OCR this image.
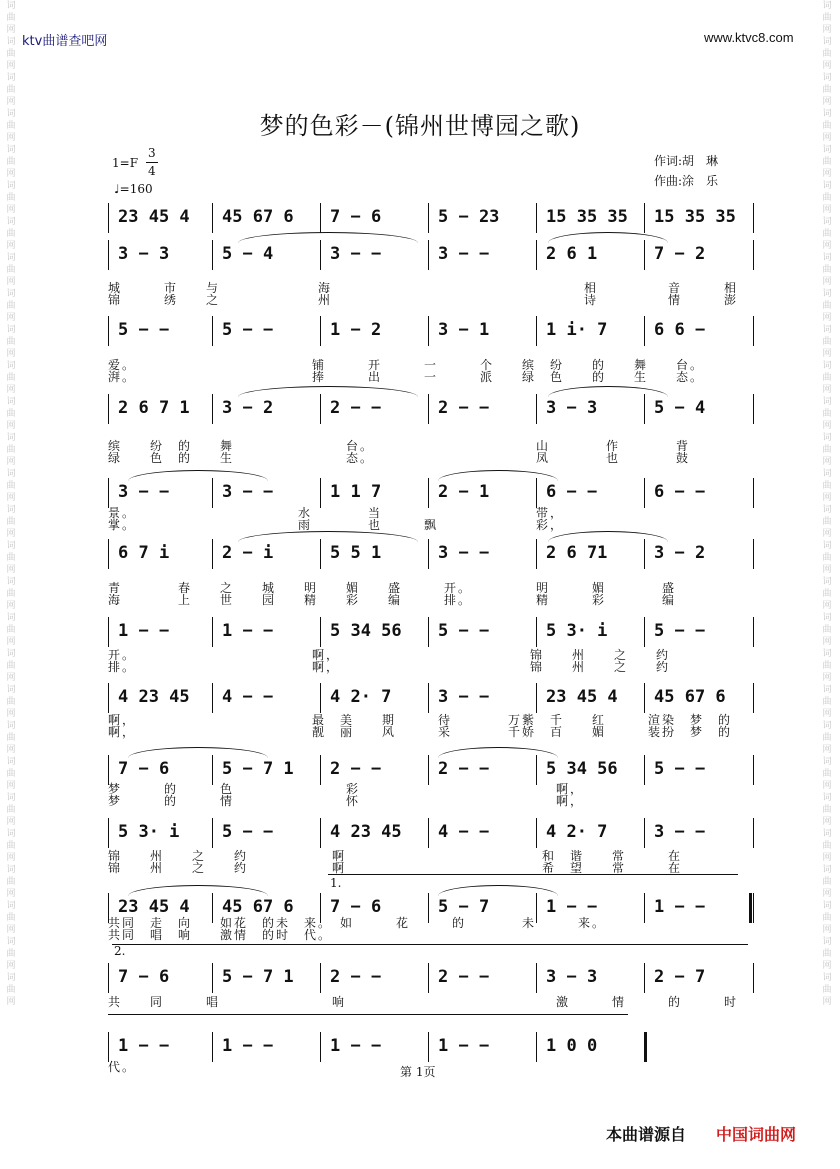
词曲网词曲网词曲网词曲网词曲网词曲网词曲网词曲网词曲网词曲网词曲网词曲网词曲网词曲网词曲网词曲网词曲网词曲网词曲网词曲网词曲网词曲网词曲网词曲网词曲网词曲网词曲网词曲网
词曲网词曲网词曲网词曲网词曲网词曲网词曲网词曲网词曲网词曲网词曲网词曲网词曲网词曲网词曲网词曲网词曲网词曲网词曲网词曲网词曲网词曲网词曲网词曲网词曲网词曲网词曲网词曲网
ktv曲谱查吧网	www.ktvc8.com
梦的色彩－(锦州世博园之歌)
1=F
3
4
♩=160
作词:胡　琳
作曲:涂　乐
23 45 4 45 67 6 7 − 6	5 − 23	15 35 35 15 35 35
3 − 3	5 − 4	3 − −	3 − −	2 6 1	7 − 2
5 − −	5 − −	1 − 2	3 − 1	1 i· 7	6 6 −
2 6 7 1 3 − 2	2 − −	2 − −	3 − 3	5 − 4
3 − −	3 − −	1 1 7	2 − 1	6 − −	6 − −
6 7 i	2 − i	5 5 1	3 − −	2 6 71	3 − 2
1 − −	1 − −	5 34 56 5 − −	5 3· i	5 − −
4 23 45 4 − −	4 2· 7	3 − −	23 45 4 45 67 6
7 − 6	5 − 7 1 2 − −	2 − −	5 34 56 5 − −
5 3· i	5 − −	4 23 45 4 − −	4 2· 7	3 − −
23 45 4 45 67 6 7 − 6	5 − 7	1 − −	1 − −
7 − 6	5 − 7 1 2 − −	2 − −	3 − 3	2 − 7
1 − −	1 − −	1 − −	1 − −	1 0 0
城　　　市　　与　　　　　　　海　　　　　　　　　　　　　　　　　　相　　　　　音　　　相
锦　　　绣　　之　　　　　　　州　　　　　　　　　　　　　　　　　　诗　　　　　情　　　澎
爱。　　　　　　　　　　　　　铺　　　开　　　一　　　个　　缤　纷　　的　　舞　　台。
湃。　　　　　　　　　　　　　捧　　　出　　　一　　　派　　绿　色　　的　　生　　态。
缤　　纷　的　　舞　　　　　　　　台。　　　　　　　　　　　　山　　　　作　　　　背
绿　　色　的　　生　　　　　　　　态。　　　　　　　　　　　　凤　　　　也　　　　鼓
景。　　　　　　　　　　　　水　　　　当　　　　　　　　　　　带，
掌。　　　　　　　　　　　　雨　　　　也　　　飘　　　　　　　彩，
青　　　　春　　之　　城　　明　　媚　　盛　　　开。　　　　　明　　　媚　　　　盛
海　　　　上　　世　　园　　精　　彩　　编　　　排。　　　　　精　　　彩　　　　编
开。　　　　　　　　　　　　　啊，　　　　　　　　　　　　　　锦　　州　　之　　约
排。　　　　　　　　　　　　　啊，　　　　　　　　　　　　　　锦　　州　　之　　约
啊，　　　　　　　　　　　　　最　美　　期　　　待　　　　万紫　千　　红　　　渲染　梦　的
啊，　　　　　　　　　　　　　靓　丽　　风　　　采　　　　千娇　百　　媚　　　装扮　梦　的
梦　　　的　　　色　　　　　　　　彩　　　　　　　　　　　　　　啊，
梦　　　的　　　情　　　　　　　　怀　　　　　　　　　　　　　　啊，
锦　　州　　之　　约　　　　　　啊　　　　　　　　　　　　　　和　谐　　常　　　在
锦　　州　　之　　约　　　　　　啊　　　　　　　　　　　　　　希　望　　常　　　在
共同　走　向　　如花　的未　来。　如　　　花　　　的　　　　未　　　来。
共同　唱　响　　激情　的时　代。
共　　同　　　唱　　　　　　　　响　　　　　　　　　　　　　　　激　　　情　　　的　　　时
代。
1.
2.
第 1页
本曲谱源自 中国词曲网
